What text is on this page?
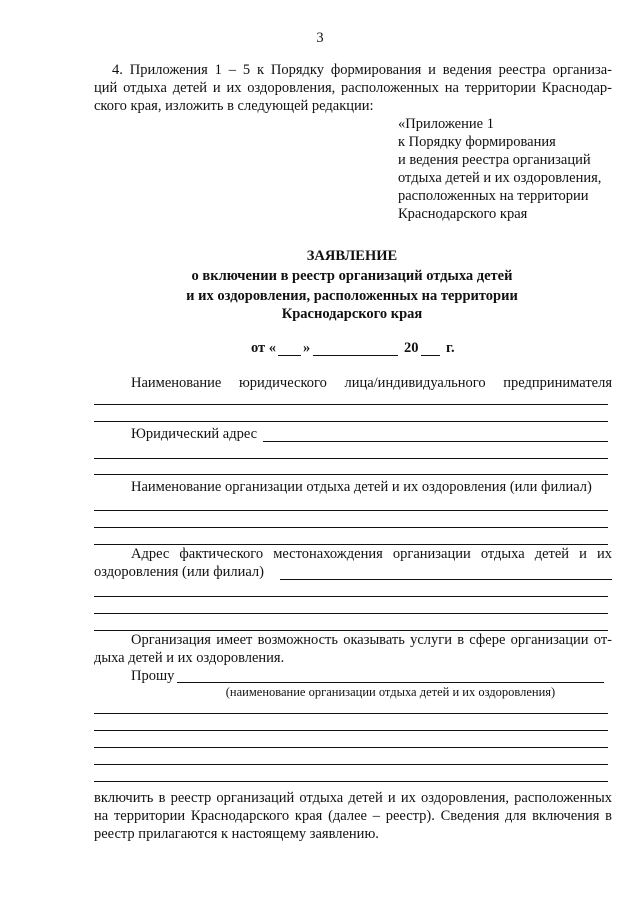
3
4. Приложения 1 – 5 к Порядку формирования и ведения реестра организа-
ций отдыха детей и их оздоровления, расположенных на территории Краснодар-
ского края, изложить в следующей редакции:
«Приложение 1
к Порядку формирования
и ведения реестра организаций
отдыха детей и их оздоровления,
расположенных на территории
Краснодарского края
ЗАЯВЛЕНИЕ
о включении в реестр организаций отдыха детей
и их оздоровления, расположенных на территории
Краснодарского края
от « »	20 г.
Наименование юридического лица/индивидуального предпринимателя
Юридический адрес
Наименование организации отдыха детей и их оздоровления (или филиал)
Адрес фактического местонахождения организации отдыха детей и их
оздоровления (или филиал)
Организация имеет возможность оказывать услуги в сфере организации от-
дыха детей и их оздоровления.
Прошу
(наименование организации отдыха детей и их оздоровления)
включить в реестр организаций отдыха детей и их оздоровления, расположенных
на территории Краснодарского края (далее – реестр). Сведения для включения в
реестр прилагаются к настоящему заявлению.
